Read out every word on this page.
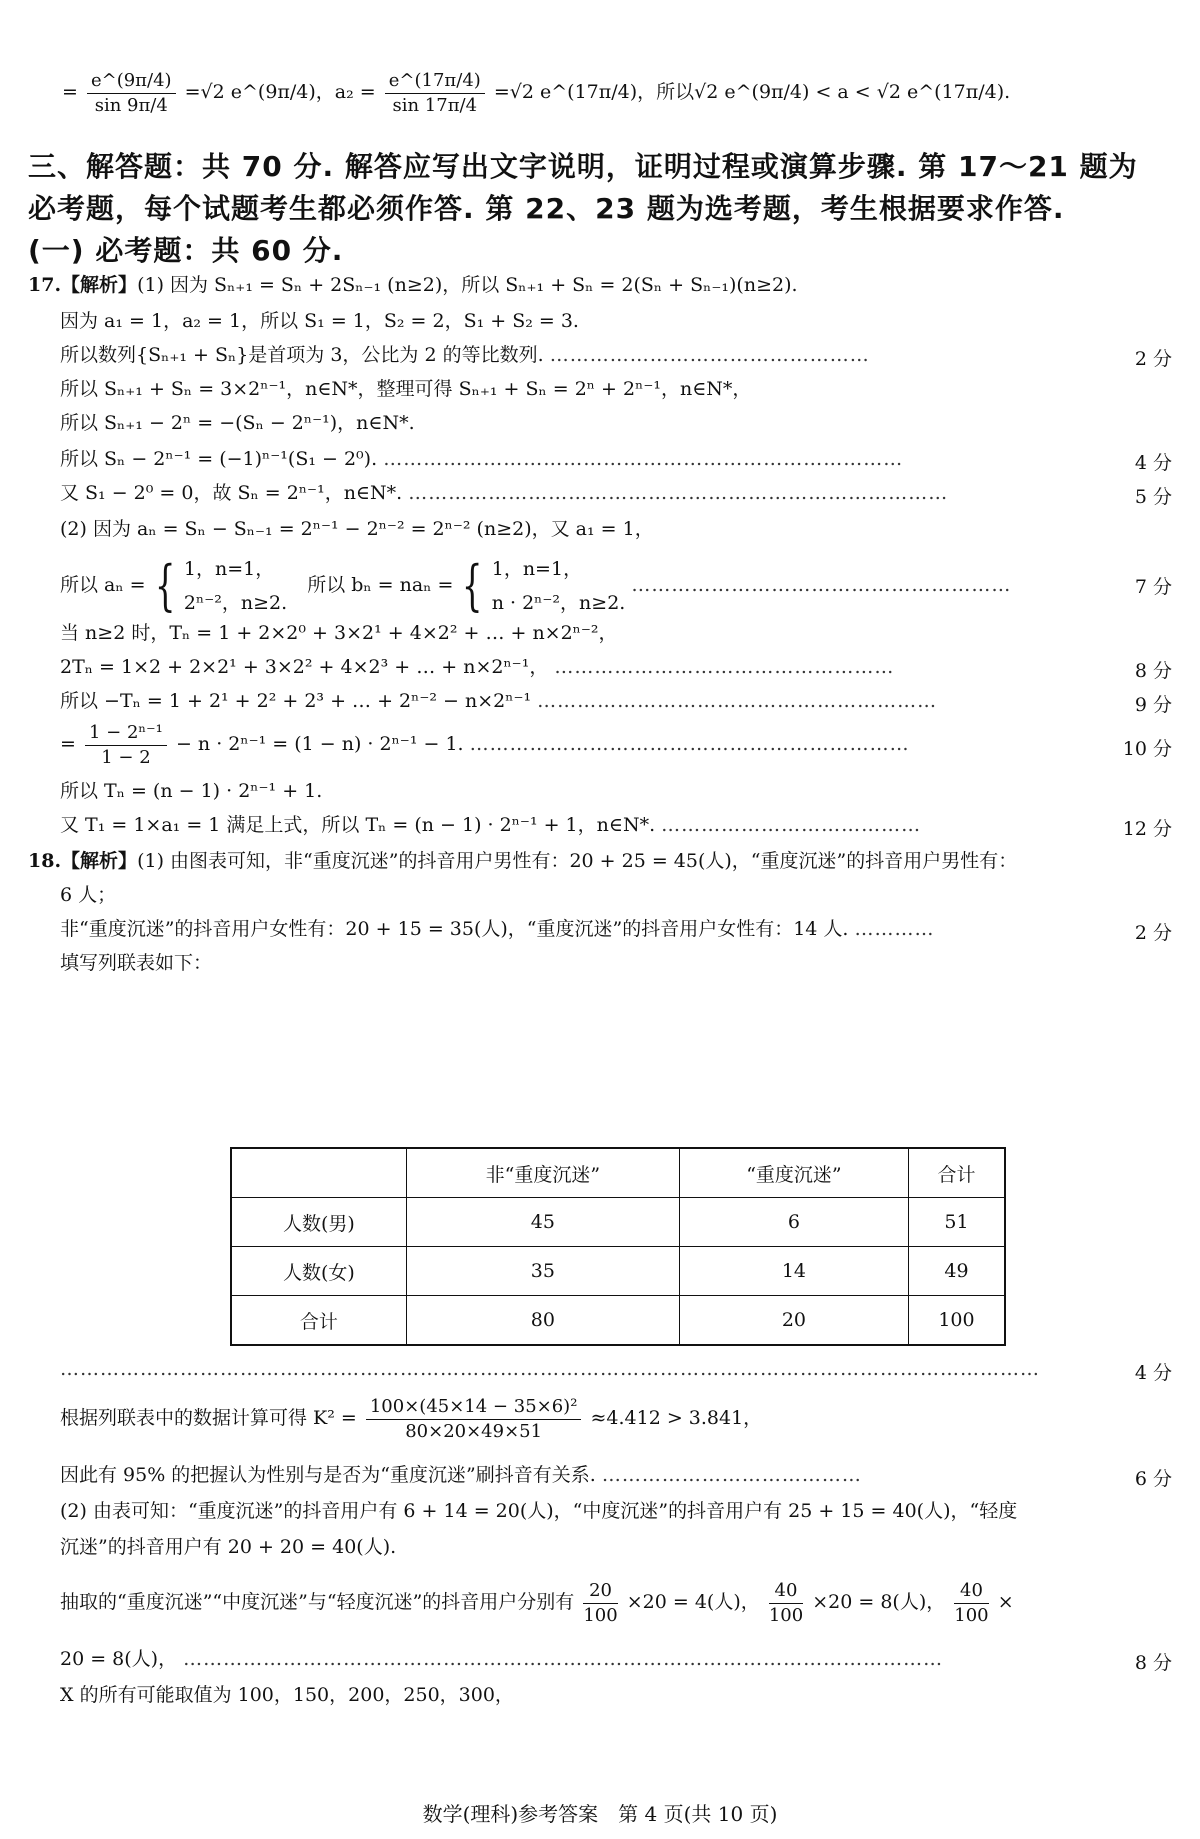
= $\frac{e\^{}(9\pi/4)}{\sin 9\pi/4} =√2$ e^(9π/4)，$a_2 = \frac{e\^{}(17\pi/4)}{\sin 17\pi/4} =√2$ e^(17π/4)，所以√2 e^(9π/4) < a < √2 e^(17π/4).
三、解答题：共 70 分. 解答应写出文字说明，证明过程或演算步骤. 第 17～21 题为
必考题，每个试题考生都必须作答. 第 22、23 题为选考题，考生根据要求作答.
(一) 必考题：共 60 分.
17.【解析】(1) 因为 Sₙ₊₁ = Sₙ + 2Sₙ₋₁ (n≥2)，所以 Sₙ₊₁ + Sₙ = 2(Sₙ + Sₙ₋₁)(n≥2).
因为 a₁ = 1，a₂ = 1，所以 S₁ = 1，S₂ = 2，S₁ + S₂ = 3.
所以数列{Sₙ₊₁ + Sₙ}是首项为 3，公比为 2 的等比数列. …………………………………………	2 分
所以 Sₙ₊₁ + Sₙ = 3×2ⁿ⁻¹，n∈N*，整理可得 Sₙ₊₁ + Sₙ = 2ⁿ + 2ⁿ⁻¹，n∈N*，
所以 Sₙ₊₁ − 2ⁿ = −(Sₙ − 2ⁿ⁻¹)，n∈N*.
所以 Sₙ − 2ⁿ⁻¹ = (−1)ⁿ⁻¹(S₁ − 2⁰). ……………………………………………………………………	4 分
又 S₁ − 2⁰ = 0，故 Sₙ = 2ⁿ⁻¹，n∈N*. ………………………………………………………………………	5 分
(2) 因为 aₙ = Sₙ − Sₙ₋₁ = 2ⁿ⁻¹ − 2ⁿ⁻² = 2ⁿ⁻² (n≥2)，又 a₁ = 1，
所以 aₙ = { 1，n=1，
2ⁿ⁻²，n≥2. 所以 bₙ = naₙ = { 1，n=1，
n · 2ⁿ⁻²，n≥2. …………………………………………………	7 分
当 n≥2 时，Tₙ = 1 + 2×2⁰ + 3×2¹ + 4×2² + … + n×2ⁿ⁻²，
2Tₙ = 1×2 + 2×2¹ + 3×2² + 4×2³ + … + n×2ⁿ⁻¹， ……………………………………………	8 分
所以 −Tₙ = 1 + 2¹ + 2² + 2³ + … + 2ⁿ⁻² − n×2ⁿ⁻¹ ……………………………………………………	9 分
= $\frac{\text{1 − 2ⁿ⁻¹}}{1 - 2} - n \cdot 2^{n-1} = (1 - n) \cdot 2^{n-1} - 1$. …………………………………………………………	10 分
所以 Tₙ = (n − 1) · 2ⁿ⁻¹ + 1.
又 T₁ = 1×a₁ = 1 满足上式，所以 Tₙ = (n − 1) · 2ⁿ⁻¹ + 1，n∈N*. …………………………………	12 分
18.【解析】(1) 由图表可知，非“重度沉迷”的抖音用户男性有：20 + 25 = 45(人)，“重度沉迷”的抖音用户男性有：
6 人；
非“重度沉迷”的抖音用户女性有：20 + 15 = 35(人)，“重度沉迷”的抖音用户女性有：14 人. …………	2 分
填写列联表如下：
	非“重度沉迷”	“重度沉迷”	合计
人数(男)	45	6	51
人数(女)	35	14	49
合计	80	20	100
…………………………………………………………………………………………………………………………………	4 分
根据列联表中的数据计算可得 $K^2 = \frac{\text{100×(45×14 − 35×6)²}}{80\times 20\times 49\times 51} \approx 4.412 > 3.841$，
因此有 95% 的把握认为性别与是否为“重度沉迷”刷抖音有关系. …………………………………	6 分
(2) 由表可知：“重度沉迷”的抖音用户有 6 + 14 = 20(人)，“中度沉迷”的抖音用户有 25 + 15 = 40(人)，“轻度
沉迷”的抖音用户有 20 + 20 = 40(人).
抽取的“重度沉迷”“中度沉迷”与“轻度沉迷”的抖音用户分别有 $\frac{20}{100} \times 20 = 4$(人)， $\frac{40}{100} \times 20 = 8$(人)， $\frac{40}{100}$ ×
20 = 8(人)， ……………………………………………………………………………………………………	8 分
X 的所有可能取值为 100，150，200，250，300，
数学(理科)参考答案　第 4 页(共 10 页)
